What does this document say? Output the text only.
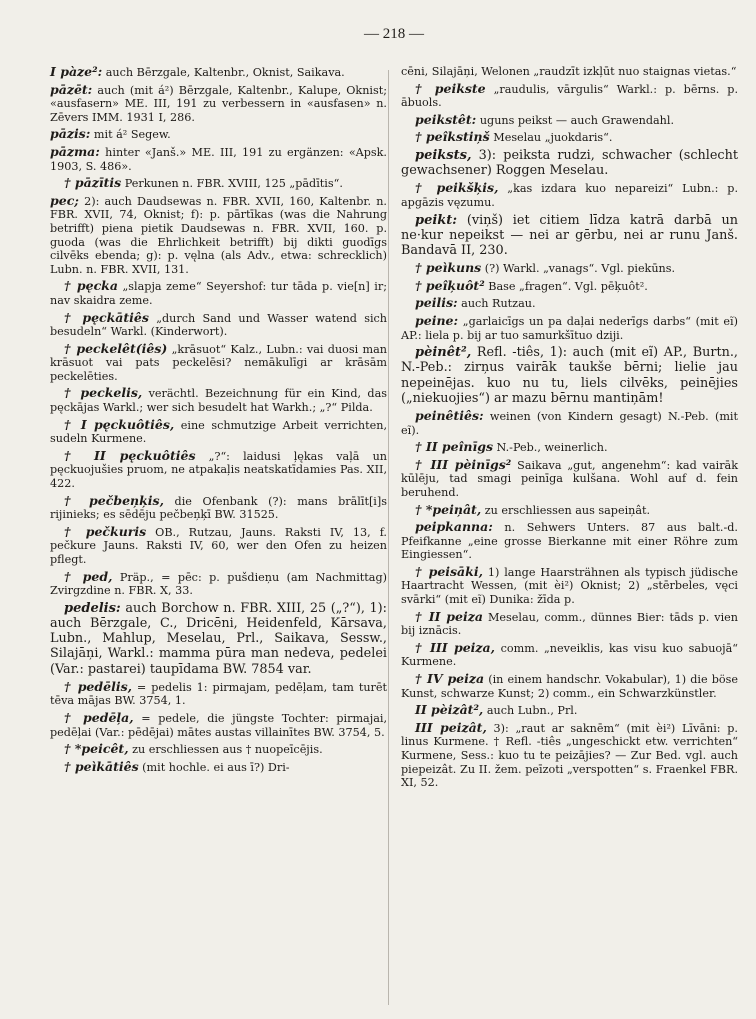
— 218 —

I pàze²: auch Bērzgale, Kaltenbr., Oknist, Saikava.

pāzēt: auch (mit á²) Bērzgale, Kaltenbr., Kalupe, Oknist; «ausfasern» ME. III, 191 zu verbessern in «ausfasen» n. Zēvers IMM. 1931 I, 286.

pāzis: mit á² Segew.

pāzma: hinter «Janš.» ME. III, 191 zu ergänzen: «Apsk. 1903, S. 486».

† pāzītis Perkunen n. FBR. XVIII, 125 „pādītis“.

pec; 2): auch Daudsewas n. FBR. XVII, 160, Kaltenbr. n. FBR. XVII, 74, Oknist; f): p. pārtīkas (was die Nahrung betrifft) piena pietik Daudsewas n. FBR. XVII, 160. p. guoda (was die Ehrlichkeit betrifft) bij dikti guodīgs cilvēks ebenda; g): p. vęlna (als Adv., etwa: schrecklich) Lubn. n. FBR. XVII, 131.

† pęcka „slapja zeme“ Seyershof: tur tāda p. vie[n] ir; nav skaidra zeme.

† pęckātiês „durch Sand und Wasser watend sich besudeln“ Warkl. (Kinderwort).

† peckelêt(iês) „krāsuot“ Kalz., Lubn.: vai duosi man krāsuot vai pats peckelēsi? nemākulīgi ar krāsām peckelēties.

† peckelis, verächtl. Bezeichnung für ein Kind, das pęckājas Warkl.; wer sich besudelt hat Warkh.; „?“ Pilda.

† I pęckuôtiês, eine schmutzige Arbeit verrichten, sudeln Kurmene.

† II pęckuôtiês „?“: laidusi ļękas vaļā un pęckuojušies pruom, ne atpakaļis neatskatīdamies Pas. XII, 422.

† pečbeņķis, die Ofenbank (?): mans brālīt[i]s rijinieks; es sēdēju pečbeņķī BW. 31525.

† pečkuris OB., Rutzau, Jauns. Raksti IV, 13, f. pečkure Jauns. Raksti IV, 60, wer den Ofen zu heizen pflegt.

† ped, Präp., = pēc: p. pušdieņu (am Nachmittag) Zvirgzdine n. FBR. X, 33.

pedelis: auch Borchow n. FBR. XIII, 25 („?“), 1): auch Bērzgale, C., Dricēni, Heidenfeld, Kārsava, Lubn., Mahlup, Meselau, Prl., Saikava, Sessw., Silajāņi, Warkl.: mamma pūra man nedeva, pedelei (Var.: pastarei) taupīdama BW. 7854 var.

† pedēlis, = pedelis 1: pirmajam, pedēļam, tam turēt tēva mājas BW. 3754, 1.

† pedēļa, = pedele, die jüngste Tochter: pirmajai, pedēļai (Var.: pēdējai) mātes austas villainītes BW. 3754, 5.

† *peicêt, zu erschliessen aus † nuopeīcējis.

† peìkātiês (mit hochle. ei aus ī?) Dri-

cēni, Silajāņi, Welonen „raudzīt izkļūt nuo staignas vietas.“

† peikste „raudulis, vārgulis“ Warkl.: p. bērns. p. ābuols.

peikstêt: uguns peikst — auch Grawendahl.

† peîkstiņš Meselau „juokdaris“.

peiksts, 3): peiksta rudzi, schwacher (schlecht gewachsener) Roggen Meselau.

† peikšķis, „kas izdara kuo nepareizi“ Lubn.: p. apgāzis vęzumu.

peikt: (viņš) iet citiem līdza katrā darbā un ne·kur nepeikst — nei ar gērbu, nei ar runu Janš. Bandavā II, 230.

† peìkuns (?) Warkl. „vanags“. Vgl. piekūns.

† peîķuôt² Base „fragen“. Vgl. pēķuôt².

peilis: auch Rutzau.

peine: „garlaicīgs un pa daļai nederīgs darbs“ (mit eĩ) AP.: liela p. bij ar tuo samurkšītuo dziji.

pèinêt², Refl. -tiês, 1): auch (mit eĩ) AP., Burtn., N.-Peb.: zirņus vairāk taukše bērni; lielie jau nepeinējas. kuo nu tu, liels cilvēks, peinējies („niekuojies“) ar mazu bērnu mantiņām!

peinêtiês: weinen (von Kindern gesagt) N.-Peb. (mit eĩ).

† II peînīgs N.-Peb., weinerlich.

† III pèinīgs² Saikava „gut, angenehm“: kad vairāk kūlēju, tad smagi peinīga kulšana. Wohl auf d. fein beruhend.

† *peiņât, zu erschliessen aus sapeiņât.

peipkanna: n. Sehwers Unters. 87 aus balt.-d. Pfeifkanne „eine grosse Bierkanne mit einer Röhre zum Eingiessen“.

† peisāki, 1) lange Haarsträhnen als typisch jüdische Haartracht Wessen, (mit èi²) Oknist; 2) „stērbeles, vęci svārki“ (mit eĩ) Dunika: žīda p.

† II peiza Meselau, comm., dünnes Bier: tāds p. vien bij iznācis.

† III peiza, comm. „neveiklis, kas visu kuo sabuojā“ Kurmene.

† IV peiza (in einem handschr. Vokabular), 1) die böse Kunst, schwarze Kunst; 2) comm., ein Schwarzkünstler.

II pèizât², auch Lubn., Prl.

III peizât, 3): „raut ar saknēm“ (mit èi²) Līvāni: p. linus Kurmene. † Refl. -tiês „ungeschickt etw. verrichten“ Kurmene, Sess.: kuo tu te peizājies? — Zur Bed. vgl. auch piepeizât. Zu II. žem. peīzoti „verspotten“ s. Fraenkel FBR. XI, 52.
